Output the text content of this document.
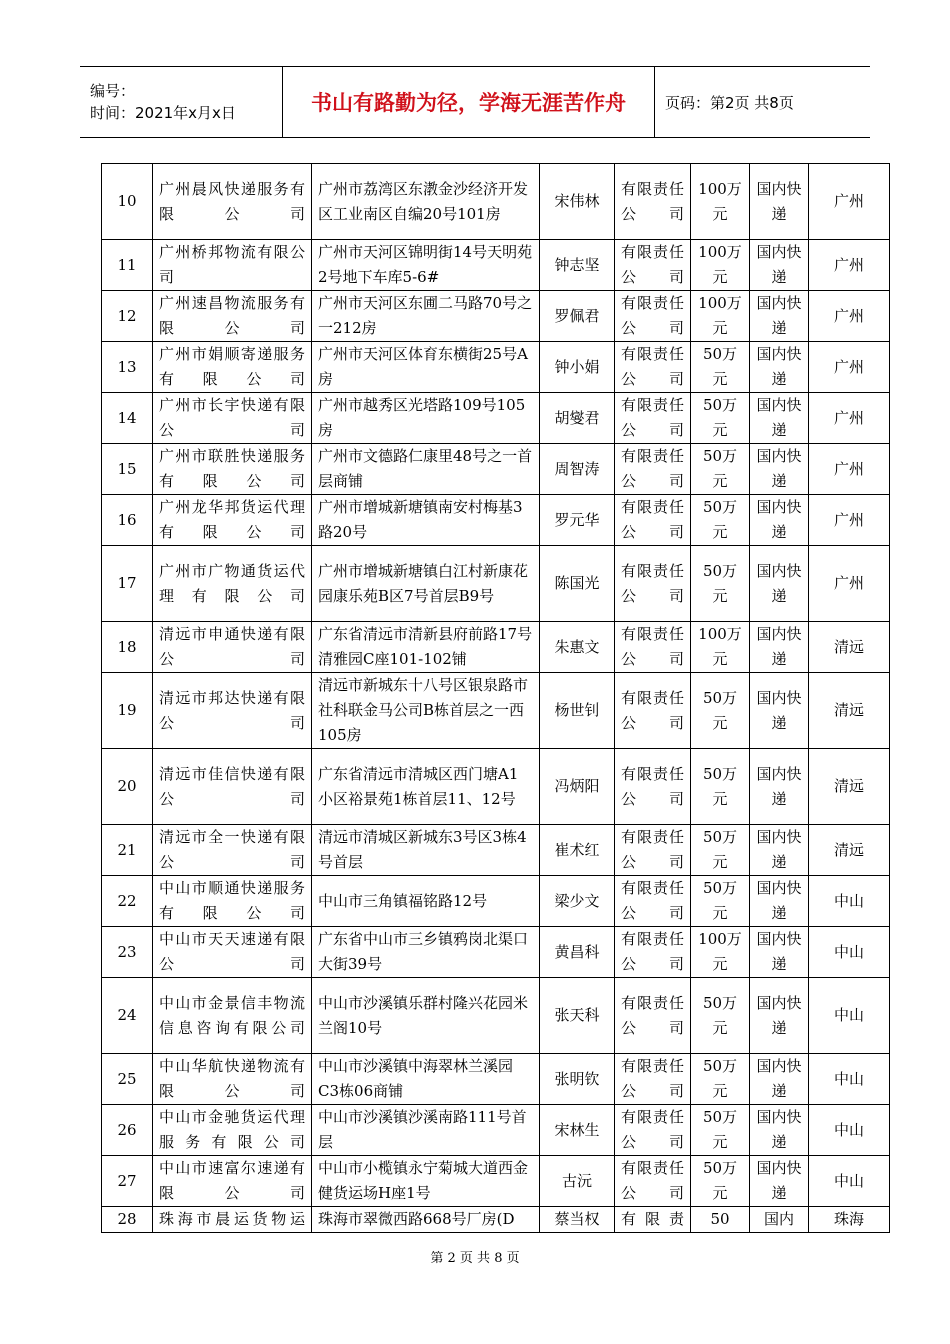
编号：
时间：2021年x月x日	书山有路勤为径，学海无涯苦作舟	页码：第2页 共8页
10	广州晨风快递服务有限公司	广州市荔湾区东漖金沙经济开发区工业南区自编20号101房	宋伟林	有限责任公司	100万元	国内快递	广州
11	广州桥邦物流有限公司	广州市天河区锦明街14号天明苑2号地下车库5-6#	钟志坚	有限责任公司	100万元	国内快递	广州
12	广州速昌物流服务有限公司	广州市天河区东圃二马路70号之一212房	罗佩君	有限责任公司	100万元	国内快递	广州
13	广州市娟顺寄递服务有限公司	广州市天河区体育东横街25号A房	钟小娟	有限责任公司	50万元	国内快递	广州
14	广州市长宇快递有限公司	广州市越秀区光塔路109号105房	胡燮君	有限责任公司	50万元	国内快递	广州
15	广州市联胜快递服务有限公司	广州市文德路仁康里48号之一首层商铺	周智涛	有限责任公司	50万元	国内快递	广州
16	广州龙华邦货运代理有限公司	广州市增城新塘镇南安村梅基3路20号	罗元华	有限责任公司	50万元	国内快递	广州
17	广州市广物通货运代理有限公司	广州市增城新塘镇白江村新康花园康乐苑B区7号首层B9号	陈国光	有限责任公司	50万元	国内快递	广州
18	清远市申通快递有限公司	广东省清远市清新县府前路17号清雅园C座101-102铺	朱惠文	有限责任公司	100万元	国内快递	清远
19	清远市邦达快递有限公司	清远市新城东十八号区银泉路市社科联金马公司B栋首层之一西105房	杨世钊	有限责任公司	50万元	国内快递	清远
20	清远市佳信快递有限公司	广东省清远市清城区西门塘A1小区裕景苑1栋首层11、12号	冯炳阳	有限责任公司	50万元	国内快递	清远
21	清远市全一快递有限公司	清远市清城区新城东3号区3栋4号首层	崔术红	有限责任公司	50万元	国内快递	清远
22	中山市顺通快递服务有限公司	中山市三角镇福铭路12号	梁少文	有限责任公司	50万元	国内快递	中山
23	中山市天天速递有限公司	广东省中山市三乡镇鸦岗北渠口大街39号	黄昌科	有限责任公司	100万元	国内快递	中山
24	中山市金景信丰物流信息咨询有限公司	中山市沙溪镇乐群村隆兴花园米兰阁10号	张天科	有限责任公司	50万元	国内快递	中山
25	中山华航快递物流有限公司	中山市沙溪镇中海翠林兰溪园C3栋06商铺	张明钦	有限责任公司	50万元	国内快递	中山
26	中山市金驰货运代理服务有限公司	中山市沙溪镇沙溪南路111号首层	宋林生	有限责任公司	50万元	国内快递	中山
27	中山市速富尔速递有限公司	中山市小榄镇永宁菊城大道西金健货运场H座1号	古沅	有限责任公司	50万元	国内快递	中山
28	珠海市晨运货物运	珠海市翠微西路668号厂房(D	蔡当权	有限责	50	国内	珠海
第 2 页 共 8 页
